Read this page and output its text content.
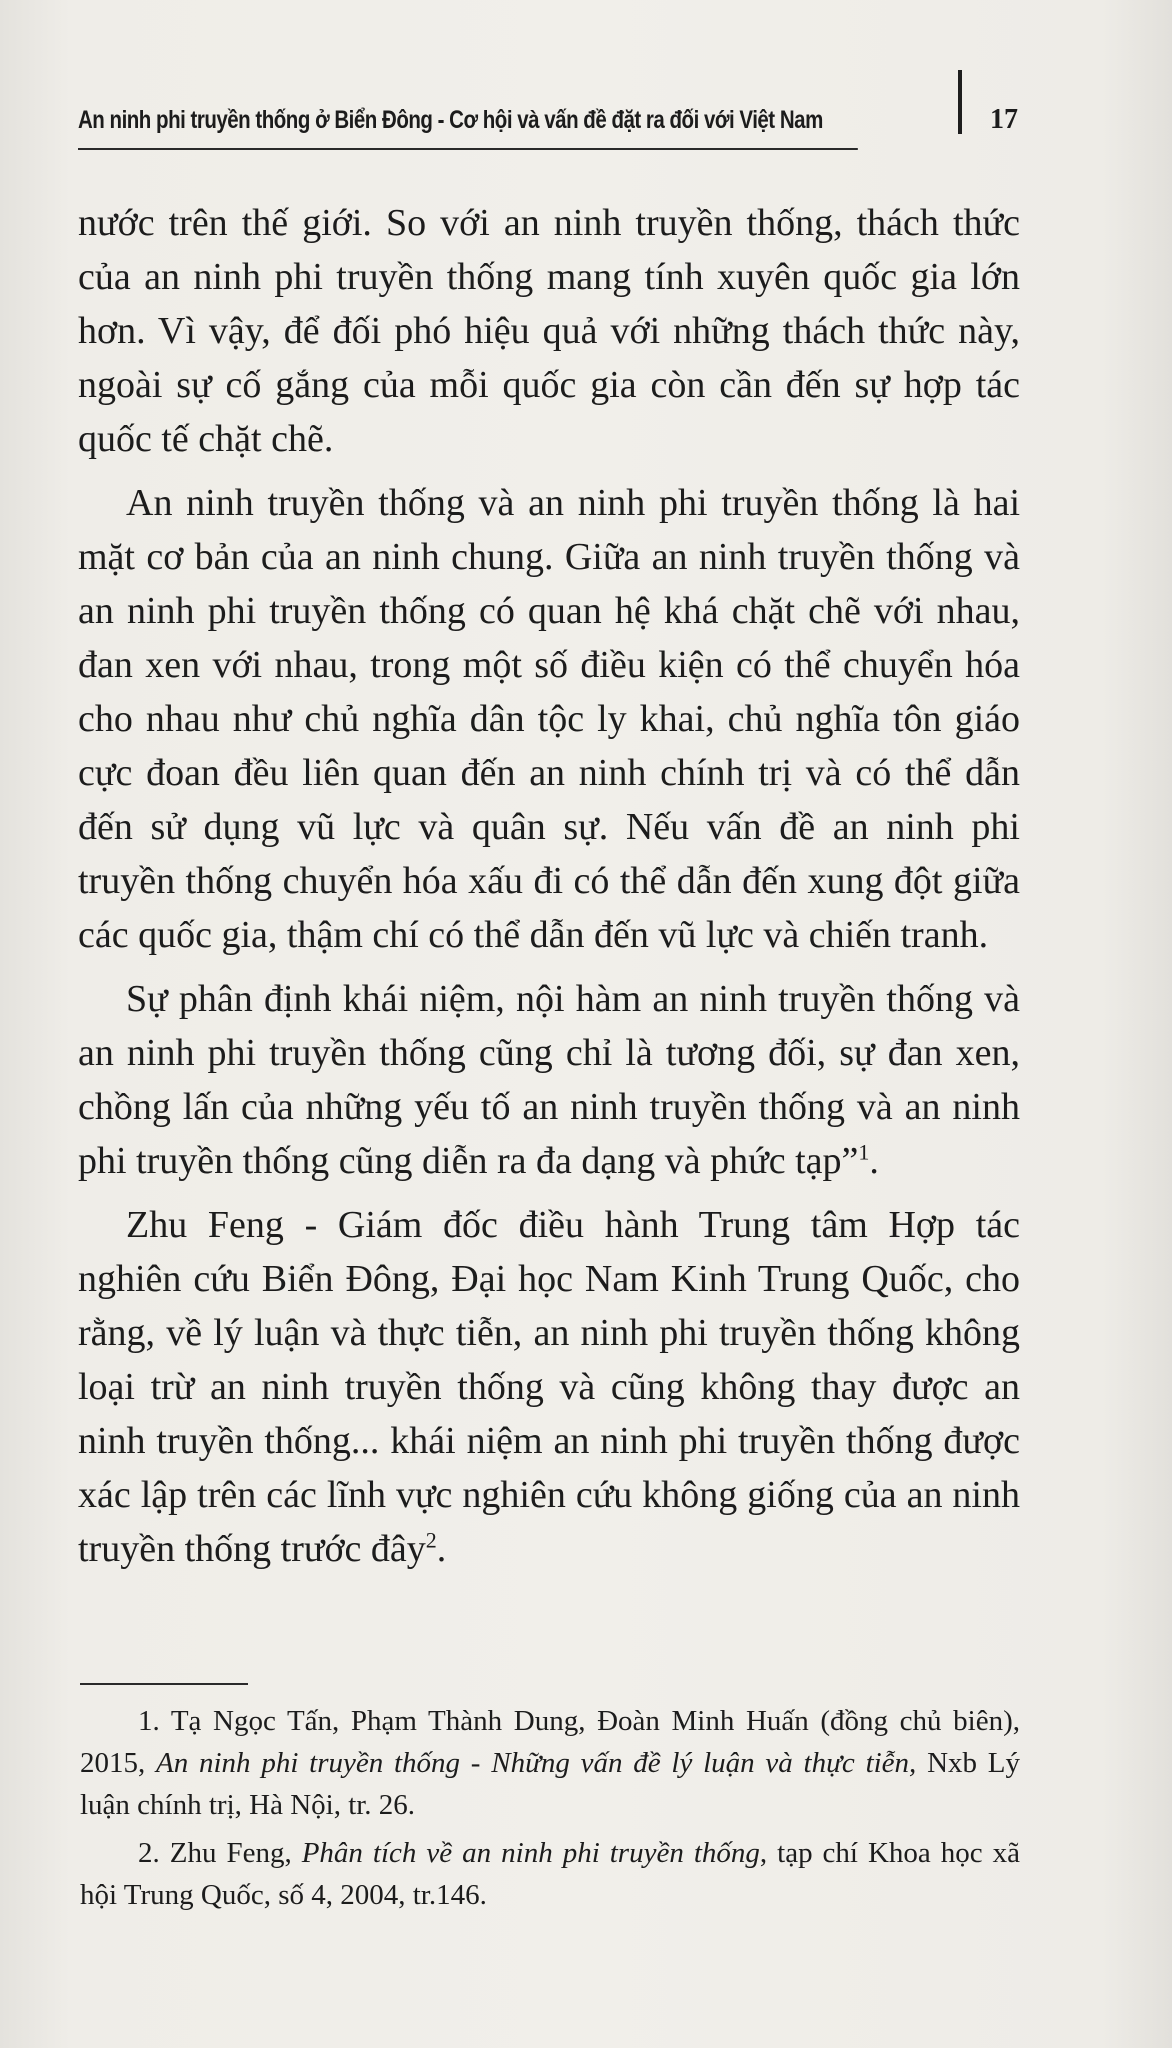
An ninh phi truyền thống ở Biển Đông - Cơ hội và vấn đề đặt ra đối với Việt Nam	17

nước trên thế giới. So với an ninh truyền thống, thách thức của an ninh phi truyền thống mang tính xuyên quốc gia lớn hơn. Vì vậy, để đối phó hiệu quả với những thách thức này, ngoài sự cố gắng của mỗi quốc gia còn cần đến sự hợp tác quốc tế chặt chẽ.

An ninh truyền thống và an ninh phi truyền thống là hai mặt cơ bản của an ninh chung. Giữa an ninh truyền thống và an ninh phi truyền thống có quan hệ khá chặt chẽ với nhau, đan xen với nhau, trong một số điều kiện có thể chuyển hóa cho nhau như chủ nghĩa dân tộc ly khai, chủ nghĩa tôn giáo cực đoan đều liên quan đến an ninh chính trị và có thể dẫn đến sử dụng vũ lực và quân sự. Nếu vấn đề an ninh phi truyền thống chuyển hóa xấu đi có thể dẫn đến xung đột giữa các quốc gia, thậm chí có thể dẫn đến vũ lực và chiến tranh.

Sự phân định khái niệm, nội hàm an ninh truyền thống và an ninh phi truyền thống cũng chỉ là tương đối, sự đan xen, chồng lấn của những yếu tố an ninh truyền thống và an ninh phi truyền thống cũng diễn ra đa dạng và phức tạp”$^1$.

Zhu Feng - Giám đốc điều hành Trung tâm Hợp tác nghiên cứu Biển Đông, Đại học Nam Kinh Trung Quốc, cho rằng, về lý luận và thực tiễn, an ninh phi truyền thống không loại trừ an ninh truyền thống và cũng không thay được an ninh truyền thống... khái niệm an ninh phi truyền thống được xác lập trên các lĩnh vực nghiên cứu không giống của an ninh truyền thống trước đây$^2$.

1. Tạ Ngọc Tấn, Phạm Thành Dung, Đoàn Minh Huấn (đồng chủ biên), 2015, An ninh phi truyền thống - Những vấn đề lý luận và thực tiễn, Nxb Lý luận chính trị, Hà Nội, tr. 26.

2. Zhu Feng, Phân tích về an ninh phi truyền thống, tạp chí Khoa học xã hội Trung Quốc, số 4, 2004, tr.146.
